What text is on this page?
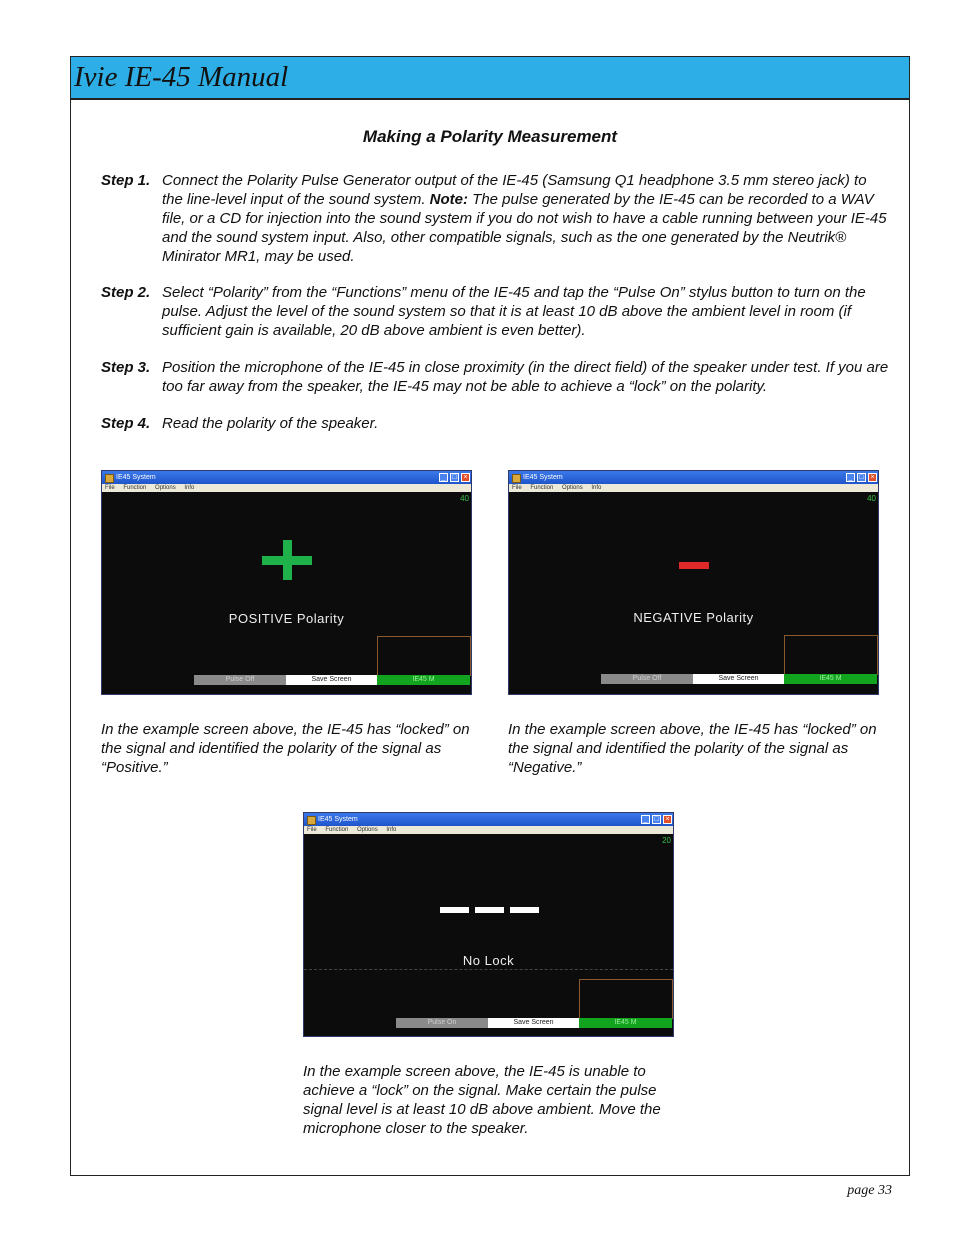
Ivie IE-45 Manual
Making a Polarity Measurement
Step 1. Connect the Polarity Pulse Generator output of the IE-45 (Samsung Q1 headphone 3.5 mm stereo jack) to the line-level input of the sound system. Note: The pulse generated by the IE-45 can be recorded to a WAV file, or a CD for injection into the sound system if you do not wish to have a cable running between your IE-45 and the sound system input. Also, other compatible signals, such as the one generated by the Neutrik® Minirator MR1, may be used.
Step 2. Select “Polarity” from the “Functions” menu of the IE-45 and tap the “Pulse On” stylus button to turn on the pulse. Adjust the level of the sound system so that it is at least 10 dB above the ambient level in room (if sufficient gain is available, 20 dB above ambient is even better).
Step 3. Position the microphone of the IE-45 in close proximity (in the direct field) of the speaker under test. If you are too far away from the speaker, the IE-45 may not be able to achieve a “lock” on the polarity.
Step 4. Read the polarity of the speaker.
IE45 System	_ □ ×
File Function Options Info
40
POSITIVE Polarity
Pulse Off	Save Screen	IE45 M
IE45 System	_ □ ×
File Function Options Info
40
NEGATIVE Polarity
Pulse Off	Save Screen	IE45 M
In the example screen above, the IE-45 has “locked” on the signal and identified the polarity of the signal as “Positive.”
In the example screen above, the IE-45 has “locked” on the signal and identified the polarity of the signal as “Negative.”
IE45 System	_ □ ×
File Function Options Info
20
No Lock
Pulse On	Save Screen	IE45 M
In the example screen above, the IE-45 is unable to achieve a “lock” on the signal. Make certain the pulse signal level is at least 10 dB above ambient. Move the microphone closer to the speaker.
page 33
